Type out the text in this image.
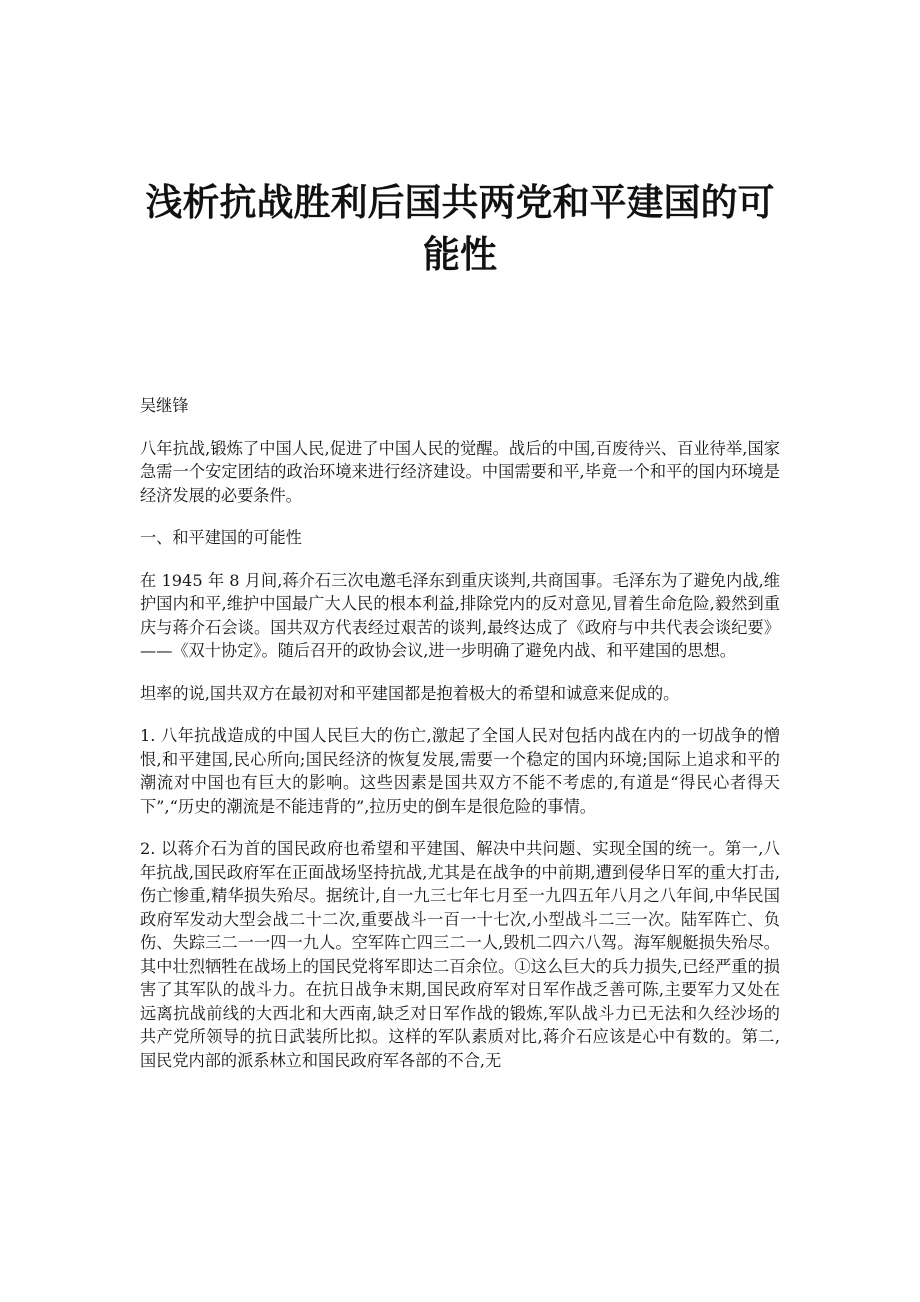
浅析抗战胜利后国共两党和平建国的可能性

吴继锋

八年抗战,锻炼了中国人民,促进了中国人民的觉醒。战后的中国,百废待兴、百业待举,国家急需一个安定团结的政治环境来进行经济建设。中国需要和平,毕竟一个和平的国内环境是经济发展的必要条件。

一、和平建国的可能性

在 1945 年 8 月间,蒋介石三次电邀毛泽东到重庆谈判,共商国事。毛泽东为了避免内战,维护国内和平,维护中国最广大人民的根本利益,排除党内的反对意见,冒着生命危险,毅然到重庆与蒋介石会谈。国共双方代表经过艰苦的谈判,最终达成了《政府与中共代表会谈纪要》——《双十协定》。随后召开的政协会议,进一步明确了避免内战、和平建国的思想。

坦率的说,国共双方在最初对和平建国都是抱着极大的希望和诚意来促成的。

1. 八年抗战造成的中国人民巨大的伤亡,激起了全国人民对包括内战在内的一切战争的憎恨,和平建国,民心所向;国民经济的恢复发展,需要一个稳定的国内环境;国际上追求和平的潮流对中国也有巨大的影响。这些因素是国共双方不能不考虑的,有道是“得民心者得天下”,“历史的潮流是不能违背的”,拉历史的倒车是很危险的事情。

2. 以蒋介石为首的国民政府也希望和平建国、解决中共问题、实现全国的统一。第一,八年抗战,国民政府军在正面战场坚持抗战,尤其是在战争的中前期,遭到侵华日军的重大打击,伤亡惨重,精华损失殆尽。据统计,自一九三七年七月至一九四五年八月之八年间,中华民国政府军发动大型会战二十二次,重要战斗一百一十七次,小型战斗二三一次。陆军阵亡、负伤、失踪三二一一四一九人。空军阵亡四三二一人,毁机二四六八驾。海军舰艇损失殆尽。其中壮烈牺牲在战场上的国民党将军即达二百余位。①这么巨大的兵力损失,已经严重的损害了其军队的战斗力。在抗日战争末期,国民政府军对日军作战乏善可陈,主要军力又处在远离抗战前线的大西北和大西南,缺乏对日军作战的锻炼,军队战斗力已无法和久经沙场的共产党所领导的抗日武装所比拟。这样的军队素质对比,蒋介石应该是心中有数的。第二,国民党内部的派系林立和国民政府军各部的不合,无
